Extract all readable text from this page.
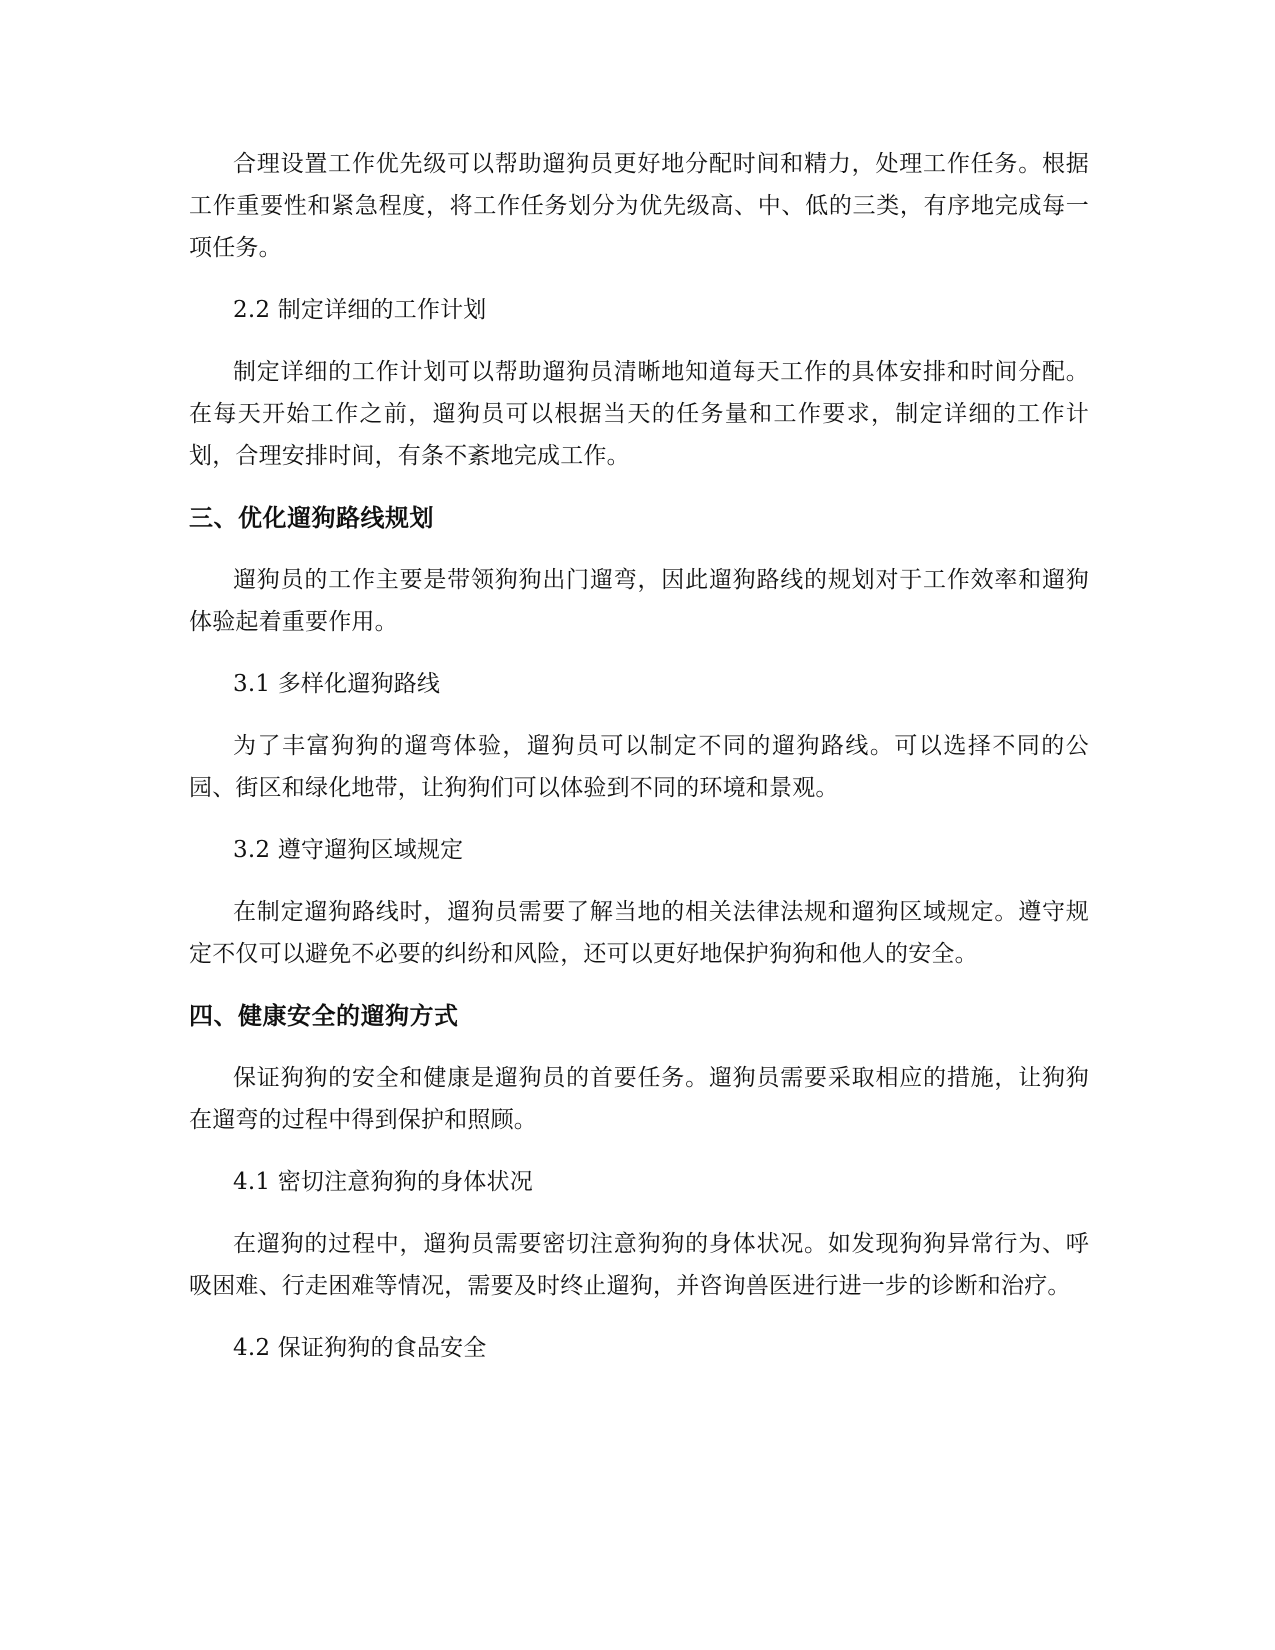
合理设置工作优先级可以帮助遛狗员更好地分配时间和精力，处理工作任务。根据工作重要性和紧急程度，将工作任务划分为优先级高、中、低的三类，有序地完成每一项任务。

2.2 制定详细的工作计划

制定详细的工作计划可以帮助遛狗员清晰地知道每天工作的具体安排和时间分配。在每天开始工作之前，遛狗员可以根据当天的任务量和工作要求，制定详细的工作计划，合理安排时间，有条不紊地完成工作。

三、优化遛狗路线规划

遛狗员的工作主要是带领狗狗出门遛弯，因此遛狗路线的规划对于工作效率和遛狗体验起着重要作用。

3.1 多样化遛狗路线

为了丰富狗狗的遛弯体验，遛狗员可以制定不同的遛狗路线。可以选择不同的公园、街区和绿化地带，让狗狗们可以体验到不同的环境和景观。

3.2 遵守遛狗区域规定

在制定遛狗路线时，遛狗员需要了解当地的相关法律法规和遛狗区域规定。遵守规定不仅可以避免不必要的纠纷和风险，还可以更好地保护狗狗和他人的安全。

四、健康安全的遛狗方式

保证狗狗的安全和健康是遛狗员的首要任务。遛狗员需要采取相应的措施，让狗狗在遛弯的过程中得到保护和照顾。

4.1 密切注意狗狗的身体状况

在遛狗的过程中，遛狗员需要密切注意狗狗的身体状况。如发现狗狗异常行为、呼吸困难、行走困难等情况，需要及时终止遛狗，并咨询兽医进行进一步的诊断和治疗。

4.2 保证狗狗的食品安全
